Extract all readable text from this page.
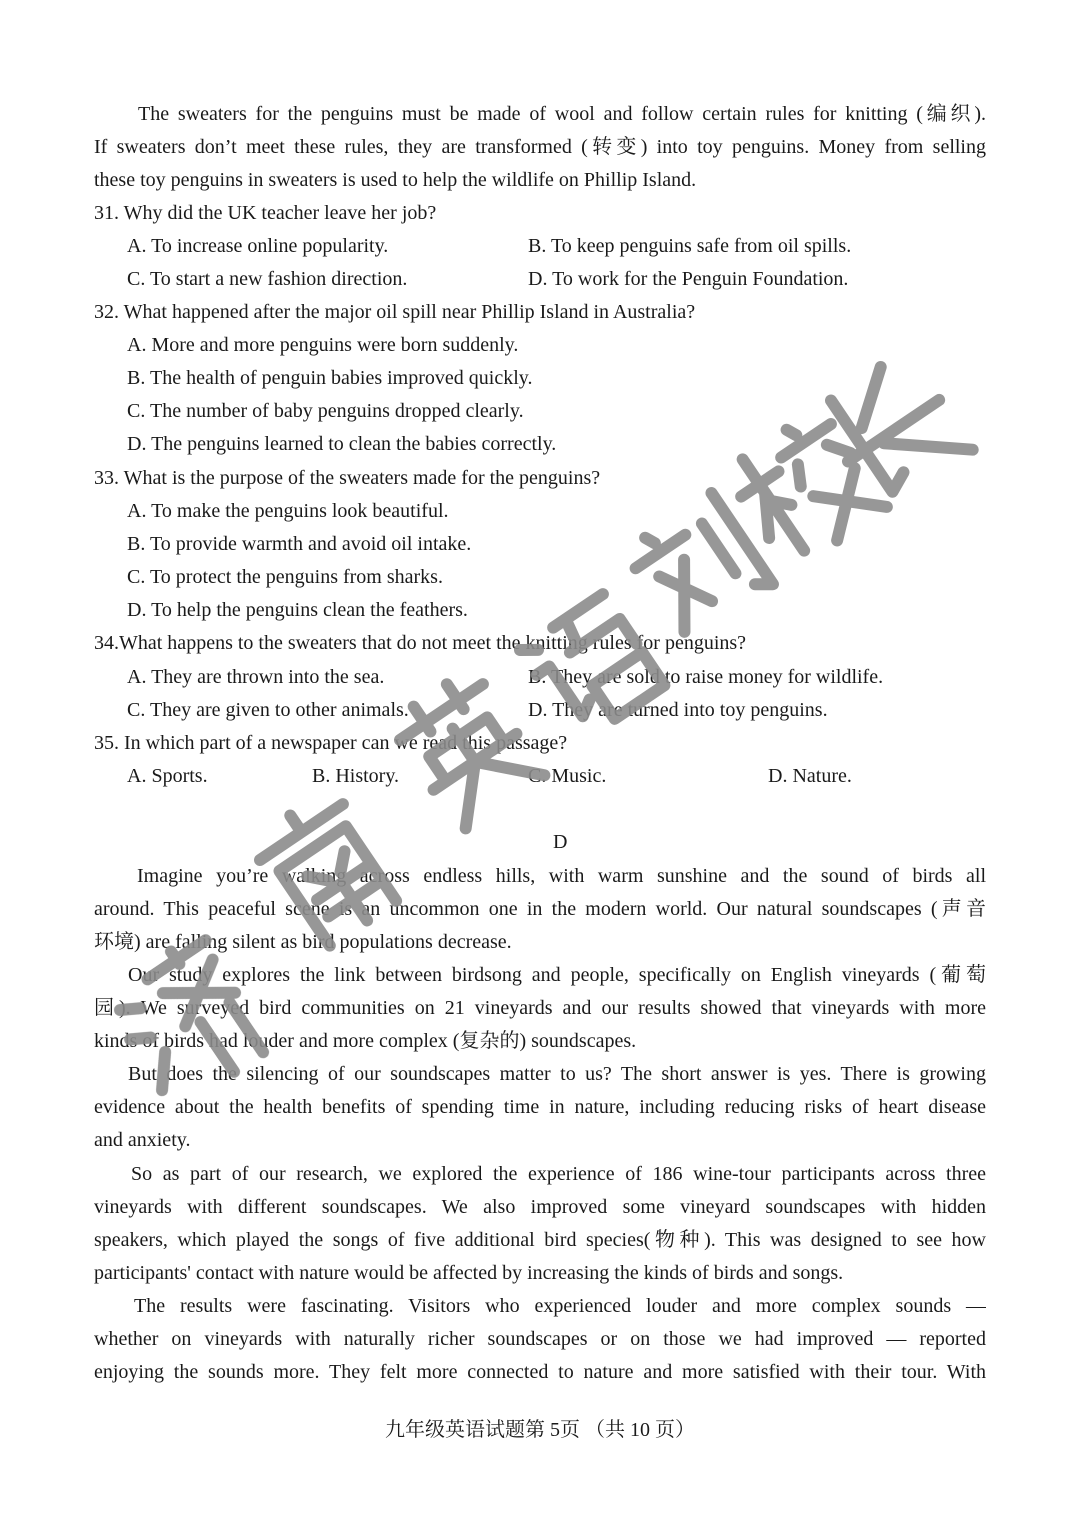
The sweaters for the penguins must be made of wool and follow certain rules for knitting (编织).
If sweaters don’t meet these rules, they are transformed (转变) into toy penguins. Money from selling
these toy penguins in sweaters is used to help the wildlife on Phillip Island.
31. Why did the UK teacher leave her job?
A. To increase online popularity.	B. To keep penguins safe from oil spills.
C. To start a new fashion direction.	D. To work for the Penguin Foundation.
32. What happened after the major oil spill near Phillip Island in Australia?
A. More and more penguins were born suddenly.
B. The health of penguin babies improved quickly.
C. The number of baby penguins dropped clearly.
D. The penguins learned to clean the babies correctly.
33. What is the purpose of the sweaters made for the penguins?
A. To make the penguins look beautiful.
B. To provide warmth and avoid oil intake.
C. To protect the penguins from sharks.
D. To help the penguins clean the feathers.
34.What happens to the sweaters that do not meet the knitting rules for penguins?
A. They are thrown into the sea.	B. They are sold to raise money for wildlife.
C. They are given to other animals.	D. They are turned into toy penguins.
35. In which part of a newspaper can we read this passage?
A. Sports.	B. History.	C. Music.	D. Nature.
D
Imagine you’re walking across endless hills, with warm sunshine and the sound of birds all
around. This peaceful scene is an uncommon one in the modern world. Our natural soundscapes (声音
环境) are falling silent as bird populations decrease.
Our study explores the link between birdsong and people, specifically on English vineyards (葡萄
园). We surveyed bird communities on 21 vineyards and our results showed that vineyards with more
kinds of birds had louder and more complex (复杂的) soundscapes.
But does the silencing of our soundscapes matter to us? The short answer is yes. There is growing
evidence about the health benefits of spending time in nature, including reducing risks of heart disease
and anxiety.
So as part of our research, we explored the experience of 186 wine-tour participants across three
vineyards with different soundscapes. We also improved some vineyard soundscapes with hidden
speakers, which played the songs of five additional bird species(物种). This was designed to see how
participants' contact with nature would be affected by increasing the kinds of birds and songs.
The results were fascinating. Visitors who experienced louder and more complex sounds —
whether on vineyards with naturally richer soundscapes or on those we had improved — reported
enjoying the sounds more. They felt more connected to nature and more satisfied with their tour. With
九年级英语试题第 5页 （共 10 页）
